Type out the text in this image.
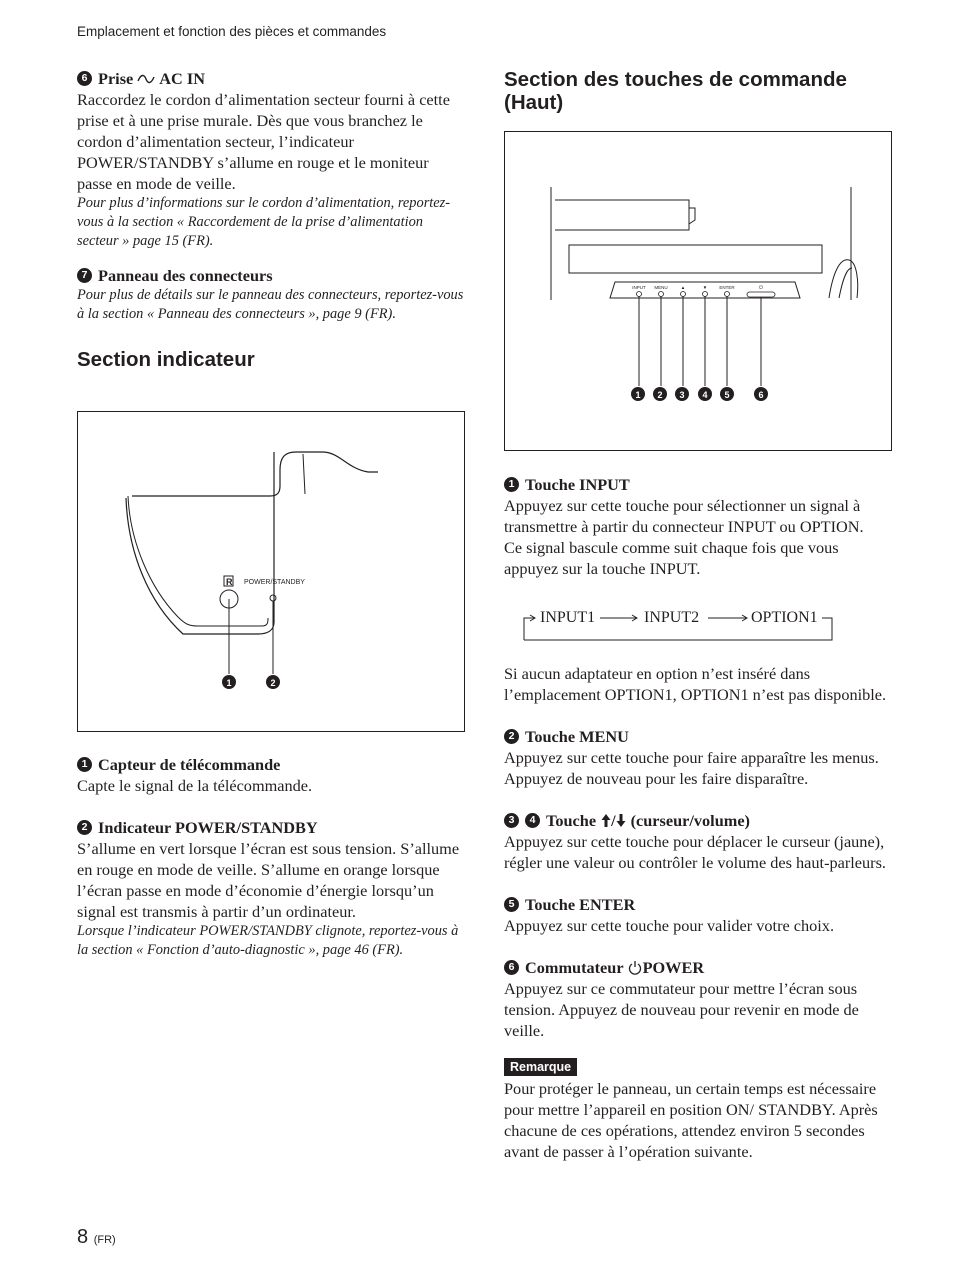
Emplacement et fonction des pièces et commandes
6 Prise AC IN

Raccordez le cordon d’alimentation secteur fourni à cette prise et à une prise murale. Dès que vous branchez le cordon d’alimentation secteur, l’indicateur POWER/STANDBY s’allume en rouge et le moniteur passe en mode de veille.

Pour plus d’informations sur le cordon d’alimentation, reportez-vous à la section « Raccordement de la prise d’alimentation secteur » page 15 (FR).

7 Panneau des connecteurs

Pour plus de détails sur le panneau des connecteurs, reportez-vous à la section « Panneau des connecteurs », page 9 (FR).

Section indicateur

R POWER/STANDBY
1	2
1 Capteur de télécommande

Capte le signal de la télécommande.

2 Indicateur POWER/STANDBY

S’allume en vert lorsque l’écran est sous tension. S’allume en rouge en mode de veille. S’allume en orange lorsque l’écran passe en mode d’économie d’énergie lorsqu’un signal est transmis à partir d’un ordinateur.

Lorsque l’indicateur POWER/STANDBY clignote, reportez-vous à la section « Fonction d’auto-diagnostic », page 46 (FR).

Section des touches de commande (Haut)

INPUT MENU	▲	▼	ENTER	⏻
1 2 3 4 5	6
1 Touche INPUT

Appuyez sur cette touche pour sélectionner un signal à transmettre à partir du connecteur INPUT ou OPTION.

Ce signal bascule comme suit chaque fois que vous appuyez sur la touche INPUT.

INPUT1	INPUT2	OPTION1

Si aucun adaptateur en option n’est inséré dans l’emplacement OPTION1, OPTION1 n’est pas disponible.

2 Touche MENU

Appuyez sur cette touche pour faire apparaître les menus. Appuyez de nouveau pour les faire disparaître.

3	4 Touche / (curseur/volume)

Appuyez sur cette touche pour déplacer le curseur (jaune), régler une valeur ou contrôler le volume des haut-parleurs.

5 Touche ENTER

Appuyez sur cette touche pour valider votre choix.

6 Commutateur POWER

Appuyez sur ce commutateur pour mettre l’écran sous tension. Appuyez de nouveau pour revenir en mode de veille.

Remarque

Pour protéger le panneau, un certain temps est nécessaire pour mettre l’appareil en position ON/ STANDBY. Après chacune de ces opérations, attendez environ 5 secondes avant de passer à l’opération suivante.

8 (FR)
